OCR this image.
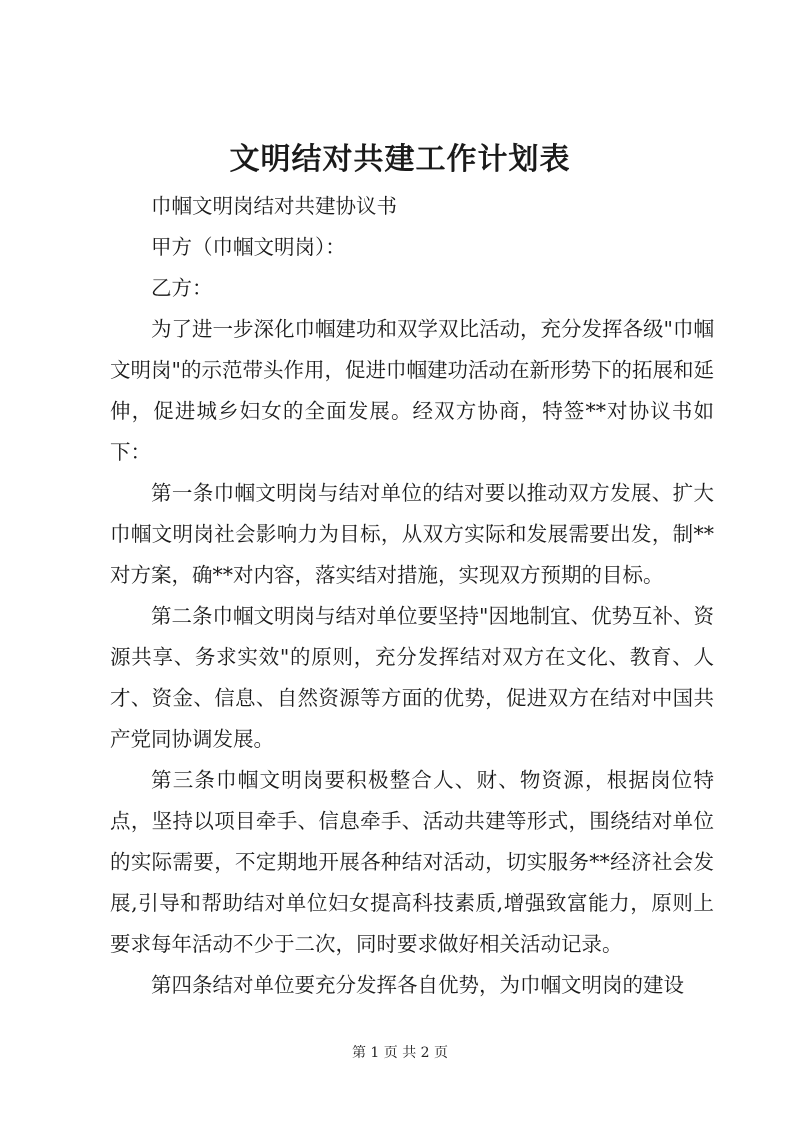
文明结对共建工作计划表

巾帼文明岗结对共建协议书

甲方（巾帼文明岗）：

乙方：

为了进一步深化巾帼建功和双学双比活动，充分发挥各级"巾帼文明岗"的示范带头作用，促进巾帼建功活动在新形势下的拓展和延伸，促进城乡妇女的全面发展。经双方协商，特签**对协议书如下：

第一条巾帼文明岗与结对单位的结对要以推动双方发展、扩大巾帼文明岗社会影响力为目标，从双方实际和发展需要出发，制**对方案，确**对内容，落实结对措施，实现双方预期的目标。

第二条巾帼文明岗与结对单位要坚持"因地制宜、优势互补、资源共享、务求实效"的原则，充分发挥结对双方在文化、教育、人才、资金、信息、自然资源等方面的优势，促进双方在结对中国共产党同协调发展。

第三条巾帼文明岗要积极整合人、财、物资源，根据岗位特点，坚持以项目牵手、信息牵手、活动共建等形式，围绕结对单位的实际需要，不定期地开展各种结对活动，切实服务**经济社会发展,引导和帮助结对单位妇女提高科技素质,增强致富能力，原则上要求每年活动不少于二次，同时要求做好相关活动记录。

第四条结对单位要充分发挥各自优势，为巾帼文明岗的建设

第 1 页 共 2 页
